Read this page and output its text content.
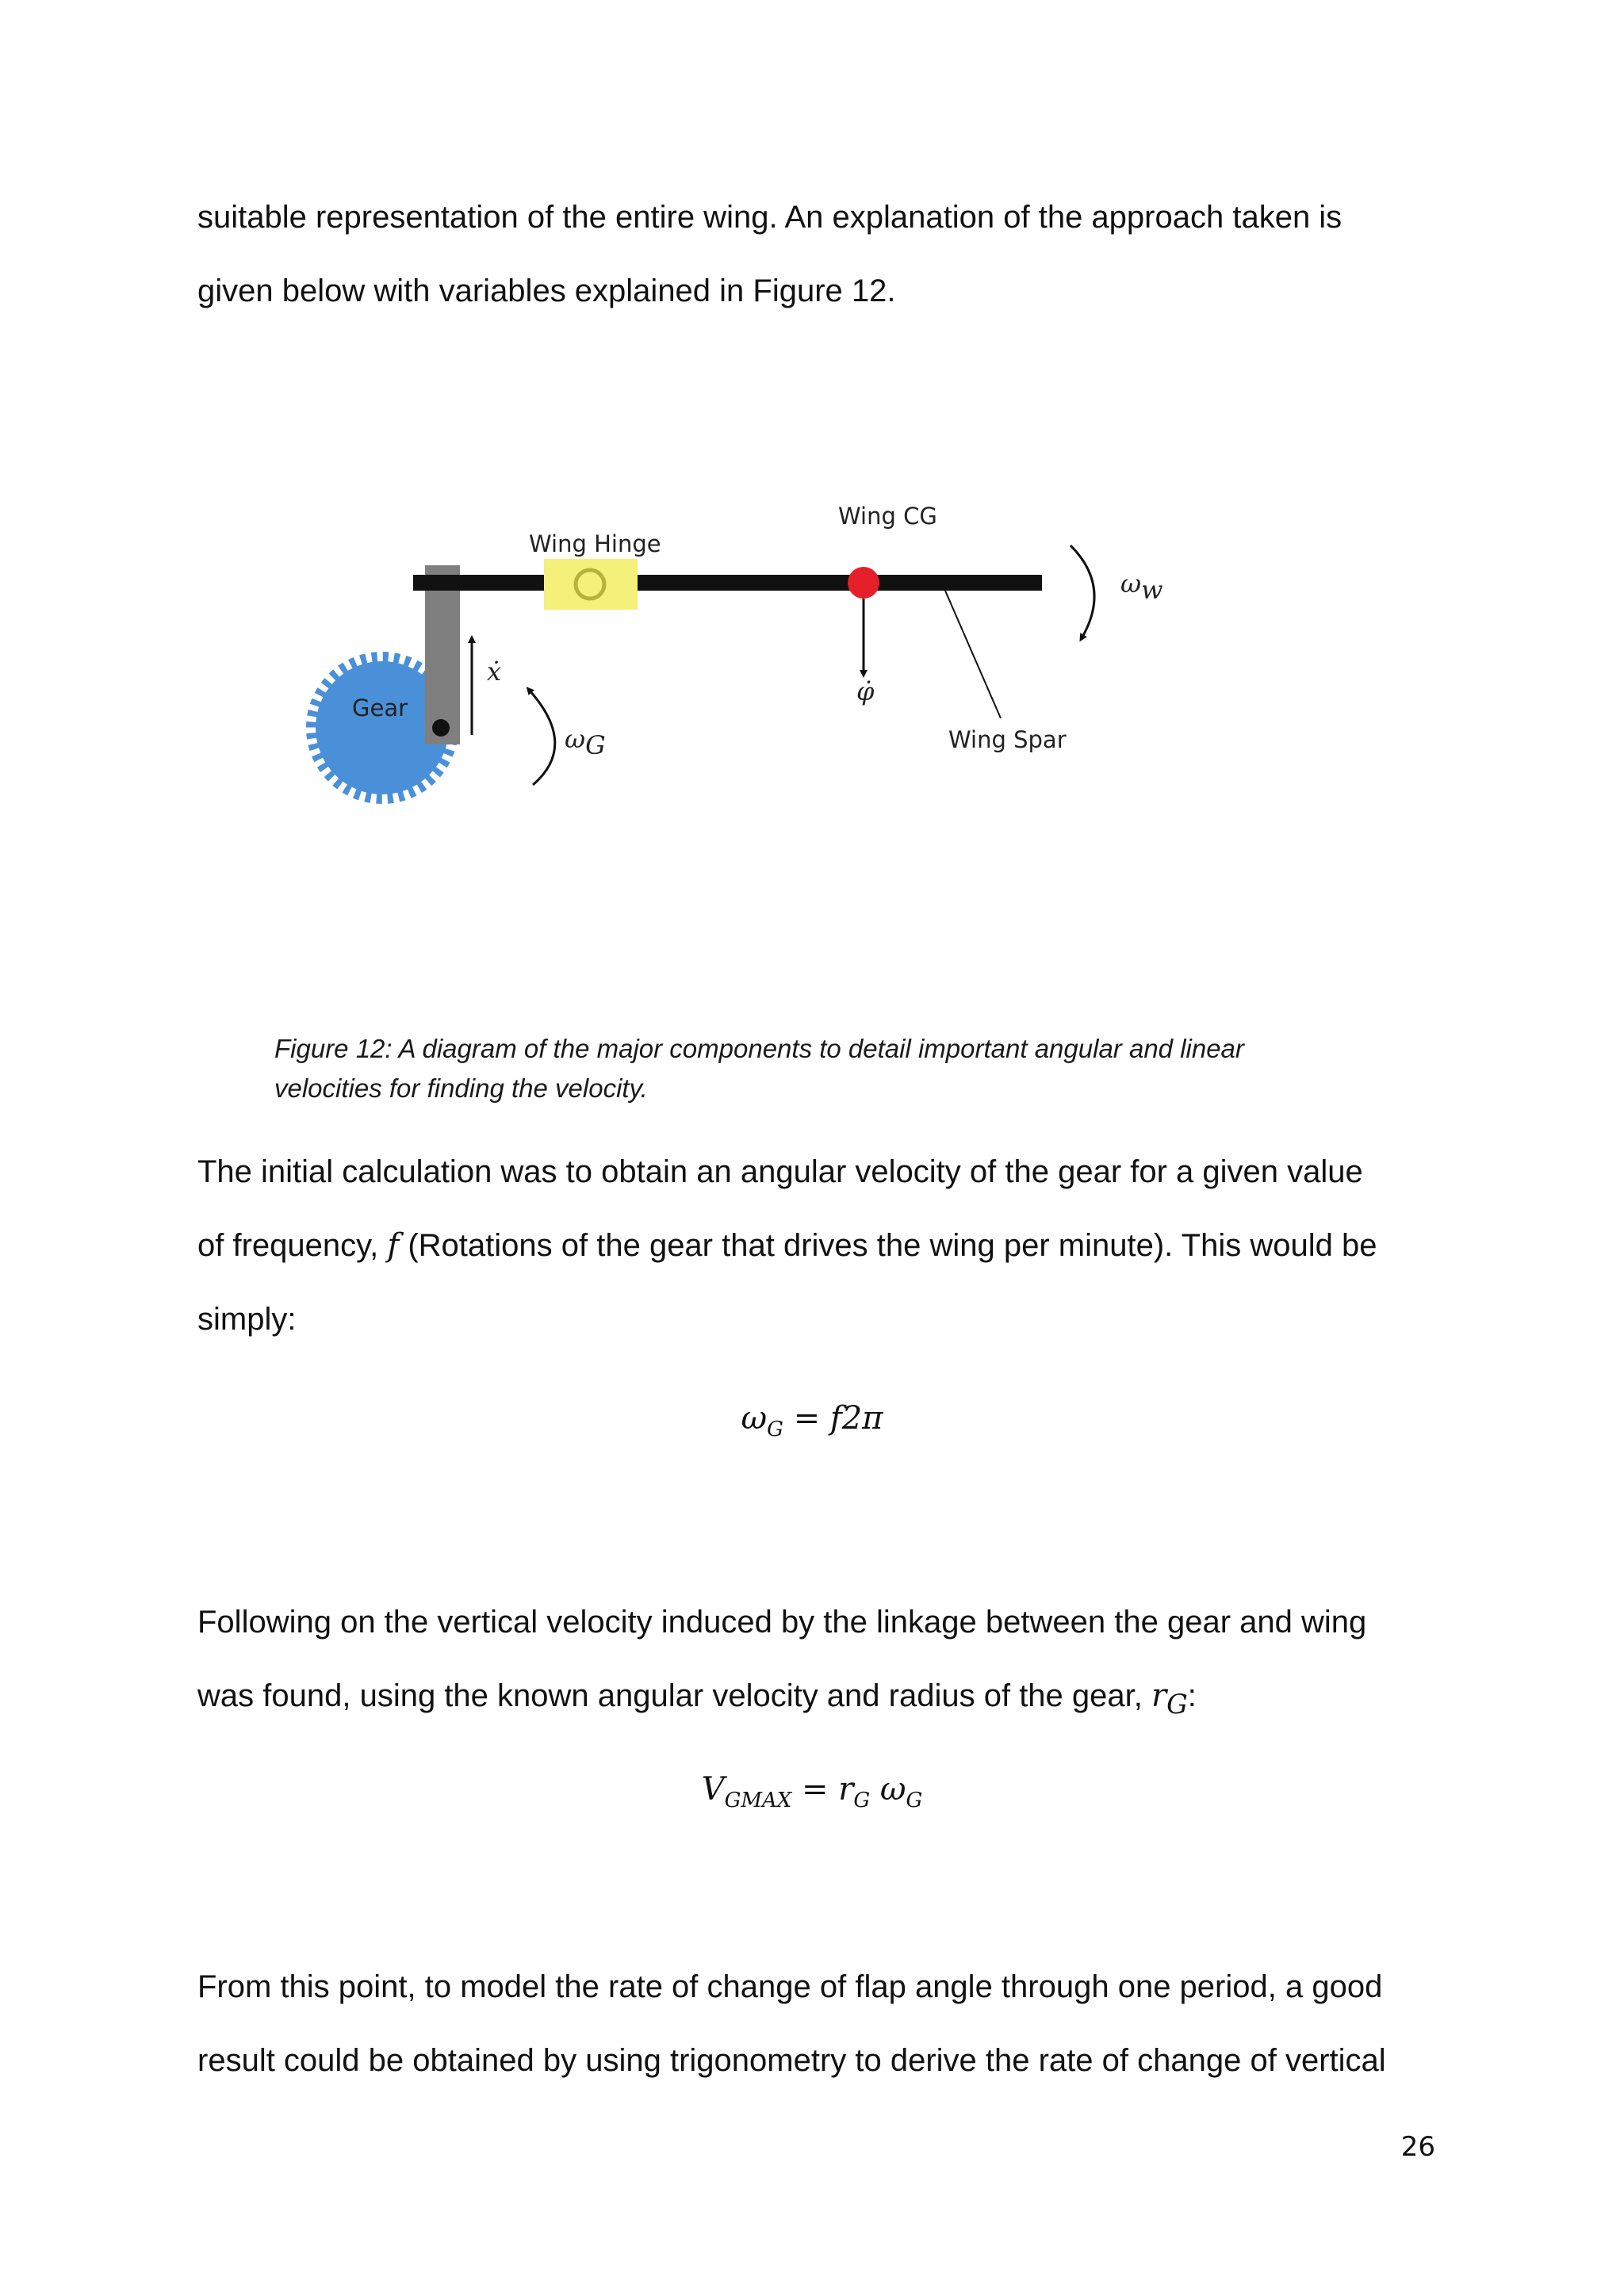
suitable representation of the entire wing. An explanation of the approach taken is
given below with variables explained in Figure 12.

Wing CG
Wing Hinge
Gear
Wing Spar
ẋ
φ̇
ωG
ωw

Figure 12: A diagram of the major components to detail important angular and linear
velocities for finding the velocity.

The initial calculation was to obtain an angular velocity of the gear for a given value
of frequency, f (Rotations of the gear that drives the wing per minute). This would be
simply:

$\omega_G = f2\pi$

Following on the vertical velocity induced by the linkage between the gear and wing
was found, using the known angular velocity and radius of the gear, $r_G$:

$V_{GMAX} = r_G$ $\omega_G$

From this point, to model the rate of change of flap angle through one period, a good
result could be obtained by using trigonometry to derive the rate of change of vertical

26
